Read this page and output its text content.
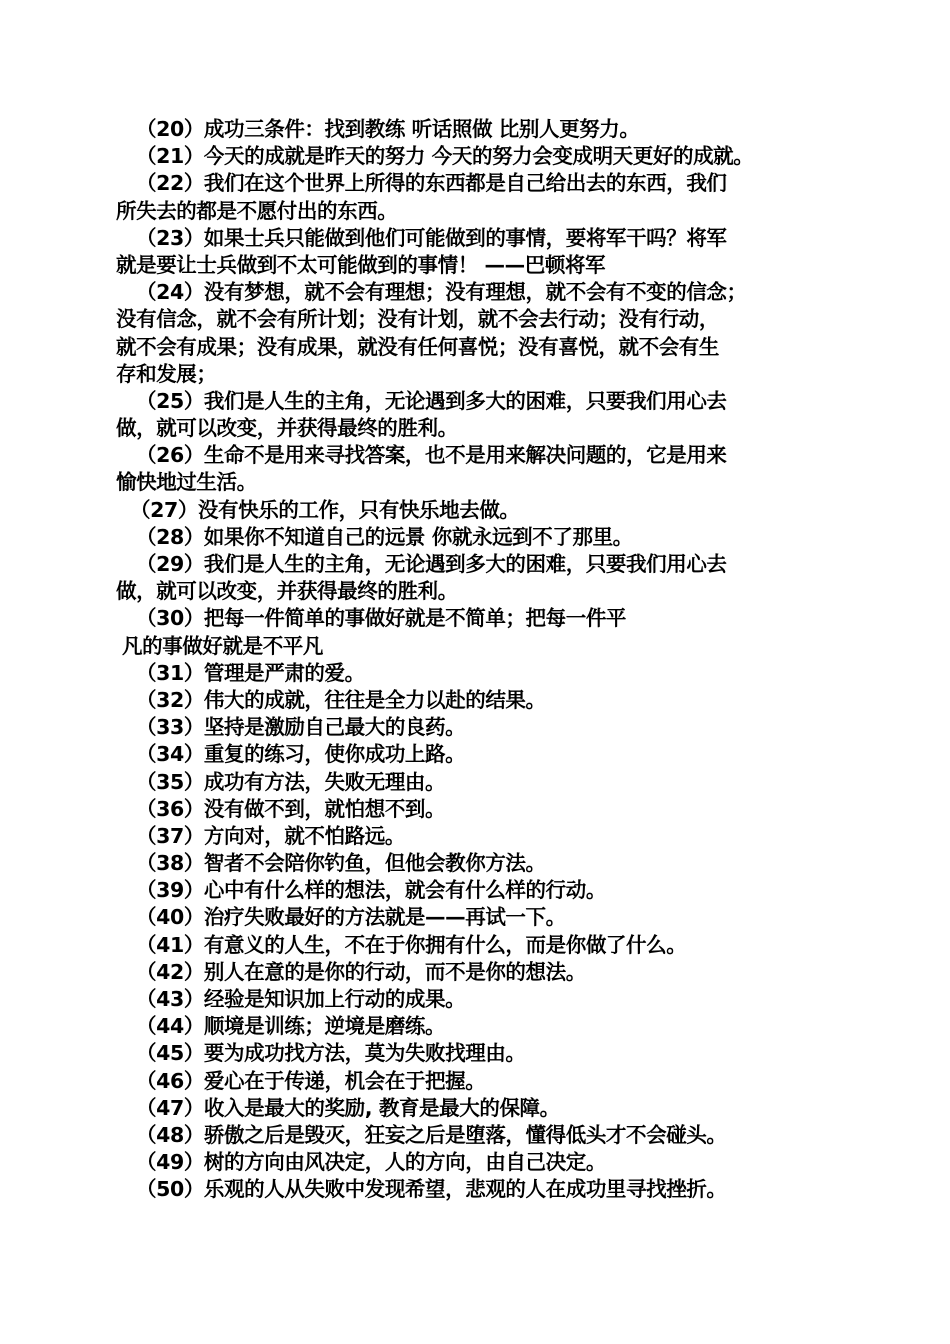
（20）成功三条件：找到教练 听话照做 比别人更努力。
（21）今天的成就是昨天的努力 今天的努力会变成明天更好的成就。
（22）我们在这个世界上所得的东西都是自己给出去的东西，我们
所失去的都是不愿付出的东西。
（23）如果士兵只能做到他们可能做到的事情，要将军干吗？将军
就是要让士兵做到不太可能做到的事情！ ——巴顿将军
（24）没有梦想，就不会有理想；没有理想，就不会有不变的信念；
没有信念，就不会有所计划；没有计划，就不会去行动；没有行动，
就不会有成果；没有成果，就没有任何喜悦；没有喜悦，就不会有生
存和发展；
（25）我们是人生的主角，无论遇到多大的困难，只要我们用心去
做，就可以改变，并获得最终的胜利。
（26）生命不是用来寻找答案，也不是用来解决问题的，它是用来
愉快地过生活。
（27）没有快乐的工作，只有快乐地去做。
（28）如果你不知道自己的远景 你就永远到不了那里。
（29）我们是人生的主角，无论遇到多大的困难，只要我们用心去
做，就可以改变，并获得最终的胜利。
（30）把每一件简单的事做好就是不简单；把每一件平
凡的事做好就是不平凡
（31）管理是严肃的爱。
（32）伟大的成就，往往是全力以赴的结果。
（33）坚持是激励自己最大的良药。
（34）重复的练习，使你成功上路。
（35）成功有方法，失败无理由。
（36）没有做不到，就怕想不到。
（37）方向对，就不怕路远。
（38）智者不会陪你钓鱼，但他会教你方法。
（39）心中有什么样的想法，就会有什么样的行动。
（40）治疗失败最好的方法就是——再试一下。
（41）有意义的人生，不在于你拥有什么，而是你做了什么。
（42）别人在意的是你的行动，而不是你的想法。
（43）经验是知识加上行动的成果。
（44）顺境是训练；逆境是磨练。
（45）要为成功找方法，莫为失败找理由。
（46）爱心在于传递，机会在于把握。
（47）收入是最大的奖励, 教育是最大的保障。
（48）骄傲之后是毁灭，狂妄之后是堕落，懂得低头才不会碰头。
（49）树的方向由风决定，人的方向，由自己决定。
（50）乐观的人从失败中发现希望，悲观的人在成功里寻找挫折。
